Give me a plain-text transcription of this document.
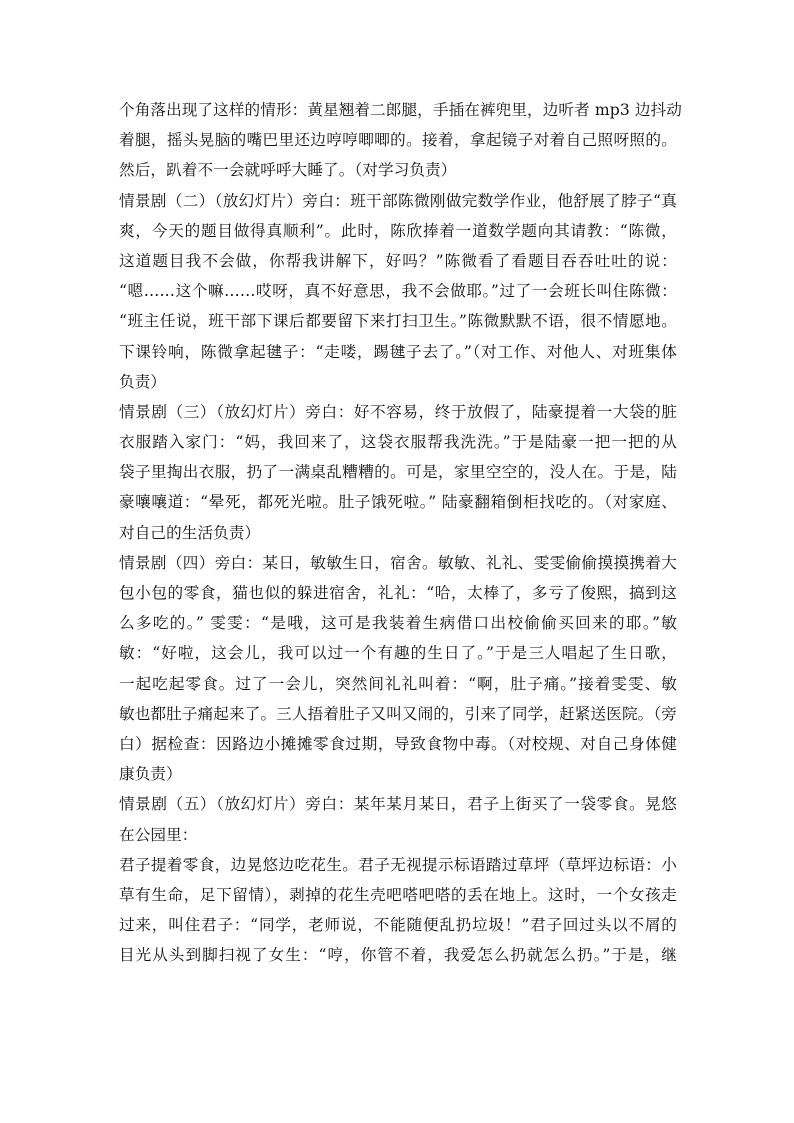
个角落出现了这样的情形：黄星翘着二郎腿，手插在裤兜里，边听者 mp3 边抖动
着腿，摇头晃脑的嘴巴里还边哼哼唧唧的。接着，拿起镜子对着自己照呀照的。
然后，趴着不一会就呼呼大睡了。（对学习负责）
情景剧（二）（放幻灯片）旁白：班干部陈微刚做完数学作业，他舒展了脖子“真
爽，今天的题目做得真顺利”。此时，陈欣捧着一道数学题向其请教：“陈微，
这道题目我不会做，你帮我讲解下，好吗？”陈微看了看题目吞吞吐吐的说：
“嗯……这个嘛……哎呀，真不好意思，我不会做耶。”过了一会班长叫住陈微：
“班主任说，班干部下课后都要留下来打扫卫生。”陈微默默不语，很不情愿地。
下课铃响，陈微拿起毽子：“走喽，踢毽子去了。”（对工作、对他人、对班集体
负责）
情景剧（三）（放幻灯片）旁白：好不容易，终于放假了，陆豪提着一大袋的脏
衣服踏入家门：“妈，我回来了，这袋衣服帮我洗洗。”于是陆豪一把一把的从
袋子里掏出衣服，扔了一满桌乱糟糟的。可是，家里空空的，没人在。于是，陆
豪嚷嚷道：“晕死，都死光啦。肚子饿死啦。” 陆豪翻箱倒柜找吃的。（对家庭、
对自己的生活负责）
情景剧（四）旁白：某日，敏敏生日，宿舍。敏敏、礼礼、雯雯偷偷摸摸携着大
包小包的零食，猫也似的躲进宿舍，礼礼：“哈，太棒了，多亏了俊熙，搞到这
么多吃的。” 雯雯：“是哦，这可是我装着生病借口出校偷偷买回来的耶。”敏
敏：“好啦，这会儿，我可以过一个有趣的生日了。”于是三人唱起了生日歌，
一起吃起零食。过了一会儿，突然间礼礼叫着：“啊，肚子痛。”接着雯雯、敏
敏也都肚子痛起来了。三人捂着肚子又叫又闹的，引来了同学，赶紧送医院。（旁
白）据检查：因路边小摊摊零食过期，导致食物中毒。（对校规、对自己身体健
康负责）
情景剧（五）（放幻灯片）旁白：某年某月某日，君子上街买了一袋零食。晃悠
在公园里：
君子提着零食，边晃悠边吃花生。君子无视提示标语踏过草坪（草坪边标语：小
草有生命，足下留情），剥掉的花生壳吧嗒吧嗒的丢在地上。这时，一个女孩走
过来，叫住君子：“同学，老师说，不能随便乱扔垃圾！”君子回过头以不屑的
目光从头到脚扫视了女生：“哼，你管不着，我爱怎么扔就怎么扔。”于是，继
